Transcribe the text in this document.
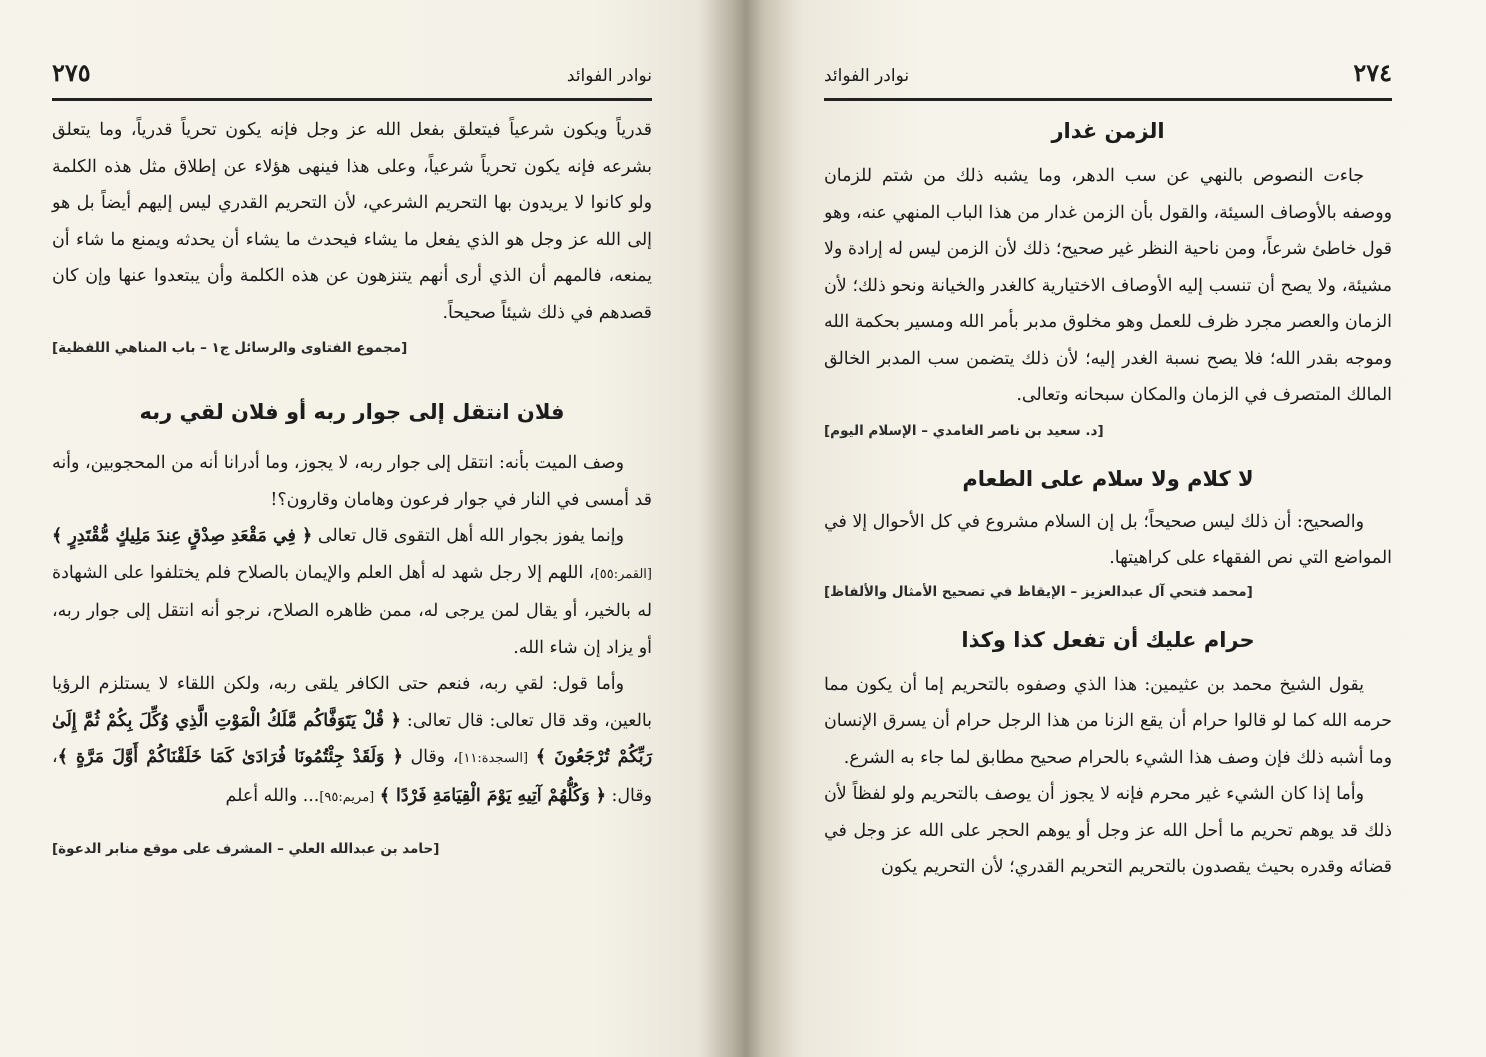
نوادر الفوائد
٢٧٥

قدرياً ويكون شرعياً فيتعلق بفعل الله عز وجل فإنه يكون تحرياً قدرياً، وما يتعلق بشرعه فإنه يكون تحرياً شرعياً، وعلى هذا فينهى هؤلاء عن إطلاق مثل هذه الكلمة ولو كانوا لا يريدون بها التحريم الشرعي، لأن التحريم القدري ليس إليهم أيضاً بل هو إلى الله عز وجل هو الذي يفعل ما يشاء فيحدث ما يشاء أن يحدثه ويمنع ما شاء أن يمنعه، فالمهم أن الذي أرى أنهم يتنزهون عن هذه الكلمة وأن يبتعدوا عنها وإن كان قصدهم في ذلك شيئاً صحيحاً.

[مجموع الفتاوى والرسائل ج١ – باب المناهي اللفظية]

فلان انتقل إلى جوار ربه أو فلان لقي ربه

وصف الميت بأنه: انتقل إلى جوار ربه، لا يجوز، وما أدرانا أنه من المحجوبين، وأنه قد أمسى في النار في جوار فرعون وهامان وقارون؟!

وإنما يفوز بجوار الله أهل التقوى قال تعالى ﴿ فِي مَقْعَدِ صِدْقٍ عِندَ مَلِيكٍ مُّقْتَدِرٍ ﴾ [القمر:٥٥]، اللهم إلا رجل شهد له أهل العلم والإيمان بالصلاح فلم يختلفوا على الشهادة له بالخير، أو يقال لمن يرجى له، ممن ظاهره الصلاح، نرجو أنه انتقل إلى جوار ربه، أو يزاد إن شاء الله.

وأما قول: لقي ربه، فنعم حتى الكافر يلقى ربه، ولكن اللقاء لا يستلزم الرؤيا بالعين، وقد قال تعالى: قال تعالى: ﴿ قُلْ يَتَوَفَّاكُم مَّلَكُ الْمَوْتِ الَّذِي وُكِّلَ بِكُمْ ثُمَّ إِلَىٰ رَبِّكُمْ تُرْجَعُونَ ﴾ [السجدة:١١]، وقال ﴿ وَلَقَدْ جِئْتُمُونَا فُرَادَىٰ كَمَا خَلَقْنَاكُمْ أَوَّلَ مَرَّةٍ ﴾، وقال: ﴿ وَكُلُّهُمْ آتِيهِ يَوْمَ الْقِيَامَةِ فَرْدًا ﴾ [مريم:٩٥]... والله أعلم

[حامد بن عبدالله العلي – المشرف على موقع منابر الدعوة]

نوادر الفوائد	٢٧٤

الزمن غدار

جاءت النصوص بالنهي عن سب الدهر، وما يشبه ذلك من شتم للزمان ووصفه بالأوصاف السيئة، والقول بأن الزمن غدار من هذا الباب المنهي عنه، وهو قول خاطئ شرعاً، ومن ناحية النظر غير صحيح؛ ذلك لأن الزمن ليس له إرادة ولا مشيئة، ولا يصح أن تنسب إليه الأوصاف الاختيارية كالغدر والخيانة ونحو ذلك؛ لأن الزمان والعصر مجرد ظرف للعمل وهو مخلوق مدبر بأمر الله ومسير بحكمة الله وموجه بقدر الله؛ فلا يصح نسبة الغدر إليه؛ لأن ذلك يتضمن سب المدبر الخالق المالك المتصرف في الزمان والمكان سبحانه وتعالى.

[د. سعيد بن ناصر الغامدي – الإسلام اليوم]

لا كلام ولا سلام على الطعام

والصحيح: أن ذلك ليس صحيحاً؛ بل إن السلام مشروع في كل الأحوال إلا في المواضع التي نص الفقهاء على كراهيتها.

[محمد فتحي آل عبدالعزيز – الإيقاظ في تصحيح الأمثال والألفاظ]

حرام عليك أن تفعل كذا وكذا

يقول الشيخ محمد بن عثيمين: هذا الذي وصفوه بالتحريم إما أن يكون مما حرمه الله كما لو قالوا حرام أن يقع الزنا من هذا الرجل حرام أن يسرق الإنسان وما أشبه ذلك فإن وصف هذا الشيء بالحرام صحيح مطابق لما جاء به الشرع.

وأما إذا كان الشيء غير محرم فإنه لا يجوز أن يوصف بالتحريم ولو لفظاً لأن ذلك قد يوهم تحريم ما أحل الله عز وجل أو يوهم الحجر على الله عز وجل في قضائه وقدره بحيث يقصدون بالتحريم التحريم القدري؛ لأن التحريم يكون
